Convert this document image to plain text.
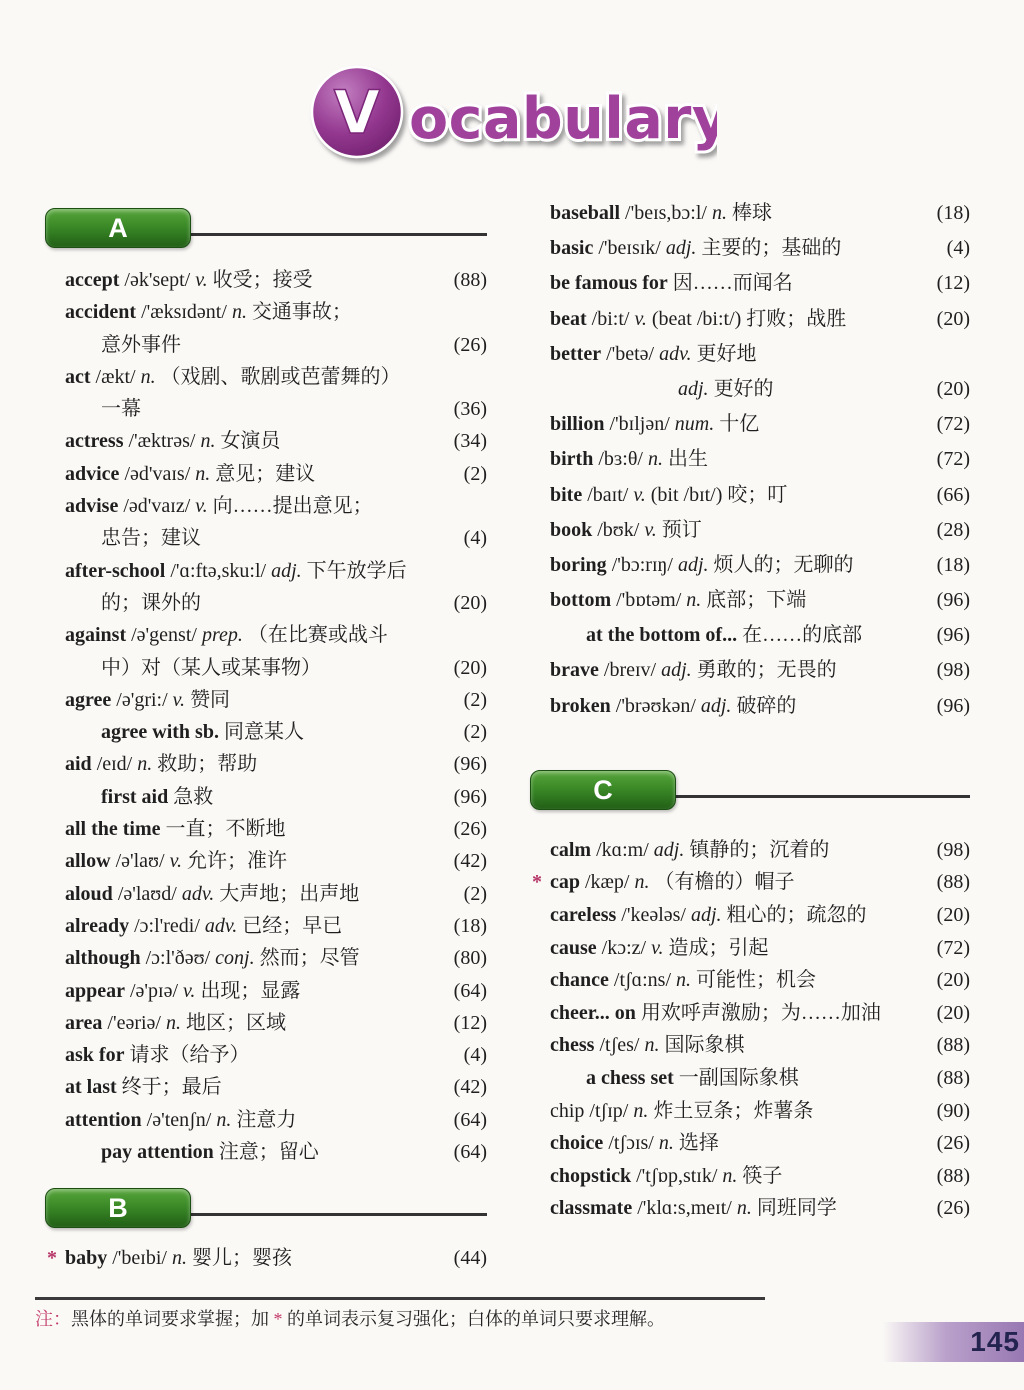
V ocabulary
A
accept /ək'sept/ v. 收受；接受	(88)
accident /'æksɪdənt/ n. 交通事故；
意外事件	(26)
act /ækt/ n. （戏剧、歌剧或芭蕾舞的）
一幕	(36)
actress /'æktrəs/ n. 女演员	(34)
advice /əd'vaɪs/ n. 意见；建议	(2)
advise /əd'vaɪz/ v. 向……提出意见；
忠告；建议	(4)
after-school /'ɑ:ftə,sku:l/ adj. 下午放学后
的；课外的	(20)
against /ə'genst/ prep. （在比赛或战斗
中）对（某人或某事物）	(20)
agree /ə'gri:/ v. 赞同	(2)
agree with sb. 同意某人	(2)
aid /eɪd/ n. 救助；帮助	(96)
first aid 急救	(96)
all the time 一直；不断地	(26)
allow /ə'laʊ/ v. 允许；准许	(42)
aloud /ə'laʊd/ adv. 大声地；出声地	(2)
already /ɔ:l'redi/ adv. 已经；早已	(18)
although /ɔ:l'ðəʊ/ conj. 然而；尽管	(80)
appear /ə'pɪə/ v. 出现；显露	(64)
area /'eəriə/ n. 地区；区域	(12)
ask for 请求（给予）	(4)
at last 终于；最后	(42)
attention /ə'tenʃn/ n. 注意力	(64)
pay attention 注意；留心	(64)
B
* baby /'beɪbi/ n. 婴儿；婴孩	(44)
baseball /'beɪs,bɔ:l/ n. 棒球	(18)
basic /'beɪsɪk/ adj. 主要的；基础的	(4)
be famous for 因……而闻名	(12)
beat /bi:t/ v. (beat /bi:t/) 打败；战胜	(20)
better /'betə/ adv. 更好地
adj. 更好的	(20)
billion /'bɪljən/ num. 十亿	(72)
birth /bɜ:θ/ n. 出生	(72)
bite /baɪt/ v. (bit /bɪt/) 咬；叮	(66)
book /bʊk/ v. 预订	(28)
boring /'bɔ:rɪŋ/ adj. 烦人的；无聊的	(18)
bottom /'bɒtəm/ n. 底部；下端	(96)
at the bottom of... 在……的底部	(96)
brave /breɪv/ adj. 勇敢的；无畏的	(98)
broken /'brəʊkən/ adj. 破碎的	(96)
C
calm /kɑ:m/ adj. 镇静的；沉着的	(98)
* cap /kæp/ n. （有檐的）帽子	(88)
careless /'keələs/ adj. 粗心的；疏忽的	(20)
cause /kɔ:z/ v. 造成；引起	(72)
chance /tʃɑ:ns/ n. 可能性；机会	(20)
cheer... on 用欢呼声激励；为……加油	(20)
chess /tʃes/ n. 国际象棋	(88)
a chess set 一副国际象棋	(88)
chip /tʃɪp/ n. 炸土豆条；炸薯条	(90)
choice /tʃɔɪs/ n. 选择	(26)
chopstick /'tʃɒp,stɪk/ n. 筷子	(88)
classmate /'klɑ:s,meɪt/ n. 同班同学	(26)
注：黑体的单词要求掌握；加 * 的单词表示复习强化；白体的单词只要求理解。
145
